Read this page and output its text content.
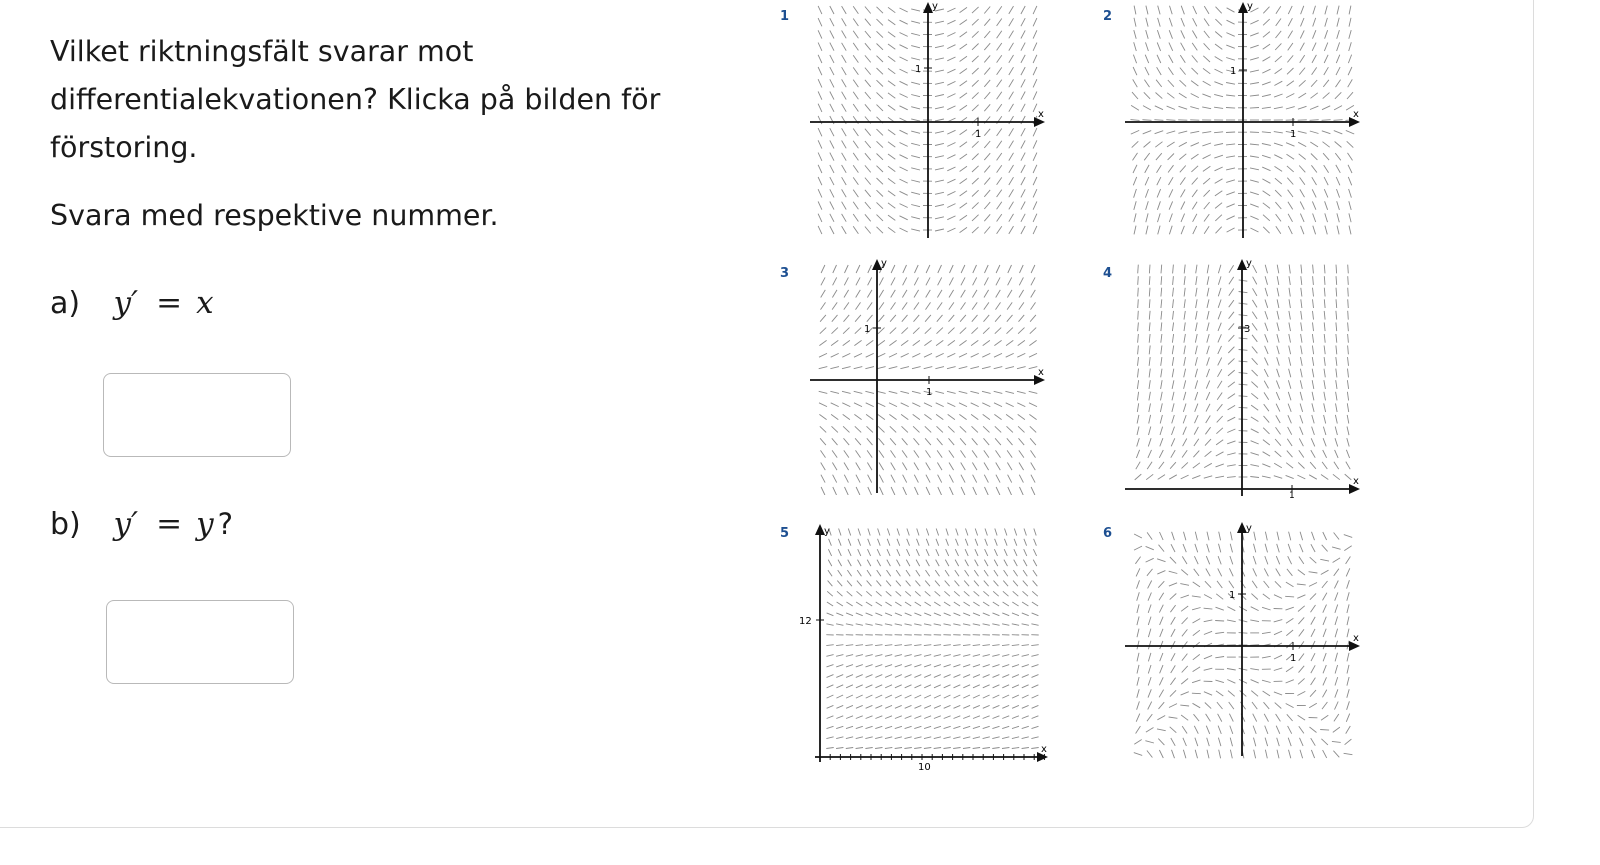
Vilket riktningsfält svarar mot differentialekvationen? Klicka på bilden för förstoring.

Svara med respektive nummer.

a) y′ = x
b) y′ = y ?
1
x
y
1
1
2
x
y
1
1
3
x
y
1
1
4
x
y
1
3
5
x
y
10
12
6
x
y
1
1
